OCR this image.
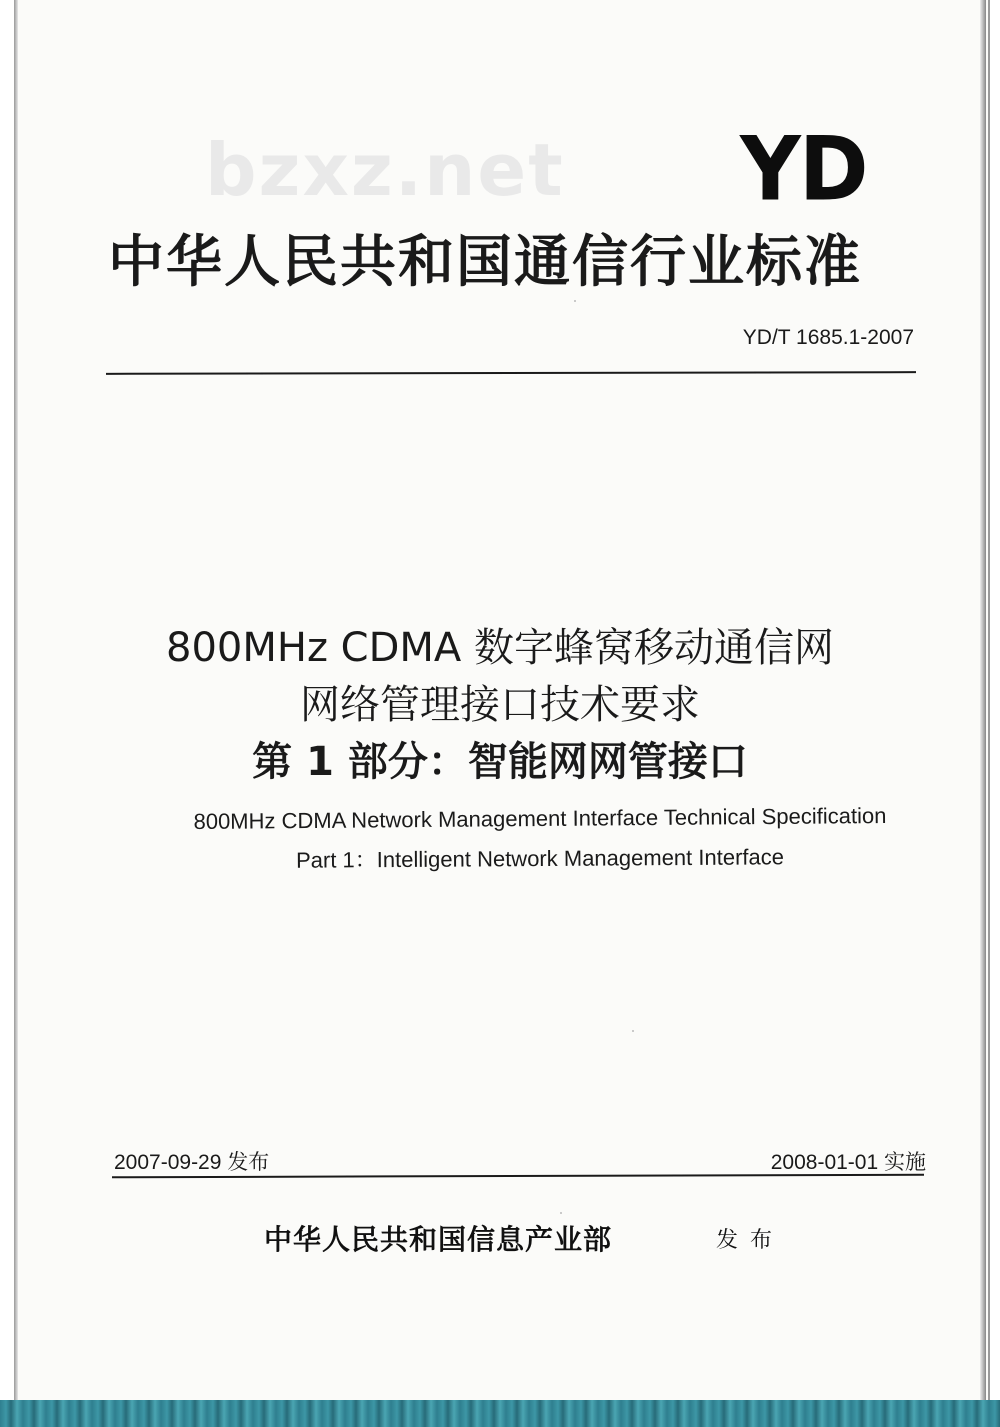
bzxz.net YD
中华人民共和国通信行业标准
YD/T 1685.1-2007
800MHz CDMA 数字蜂窝移动通信网
网络管理接口技术要求
第 1 部分：智能网网管接口
800MHz CDMA Network Management Interface Technical Specification
Part 1：Intelligent Network Management Interface
2007-09-29 发布	2008-01-01 实施
中华人民共和国信息产业部	发布
